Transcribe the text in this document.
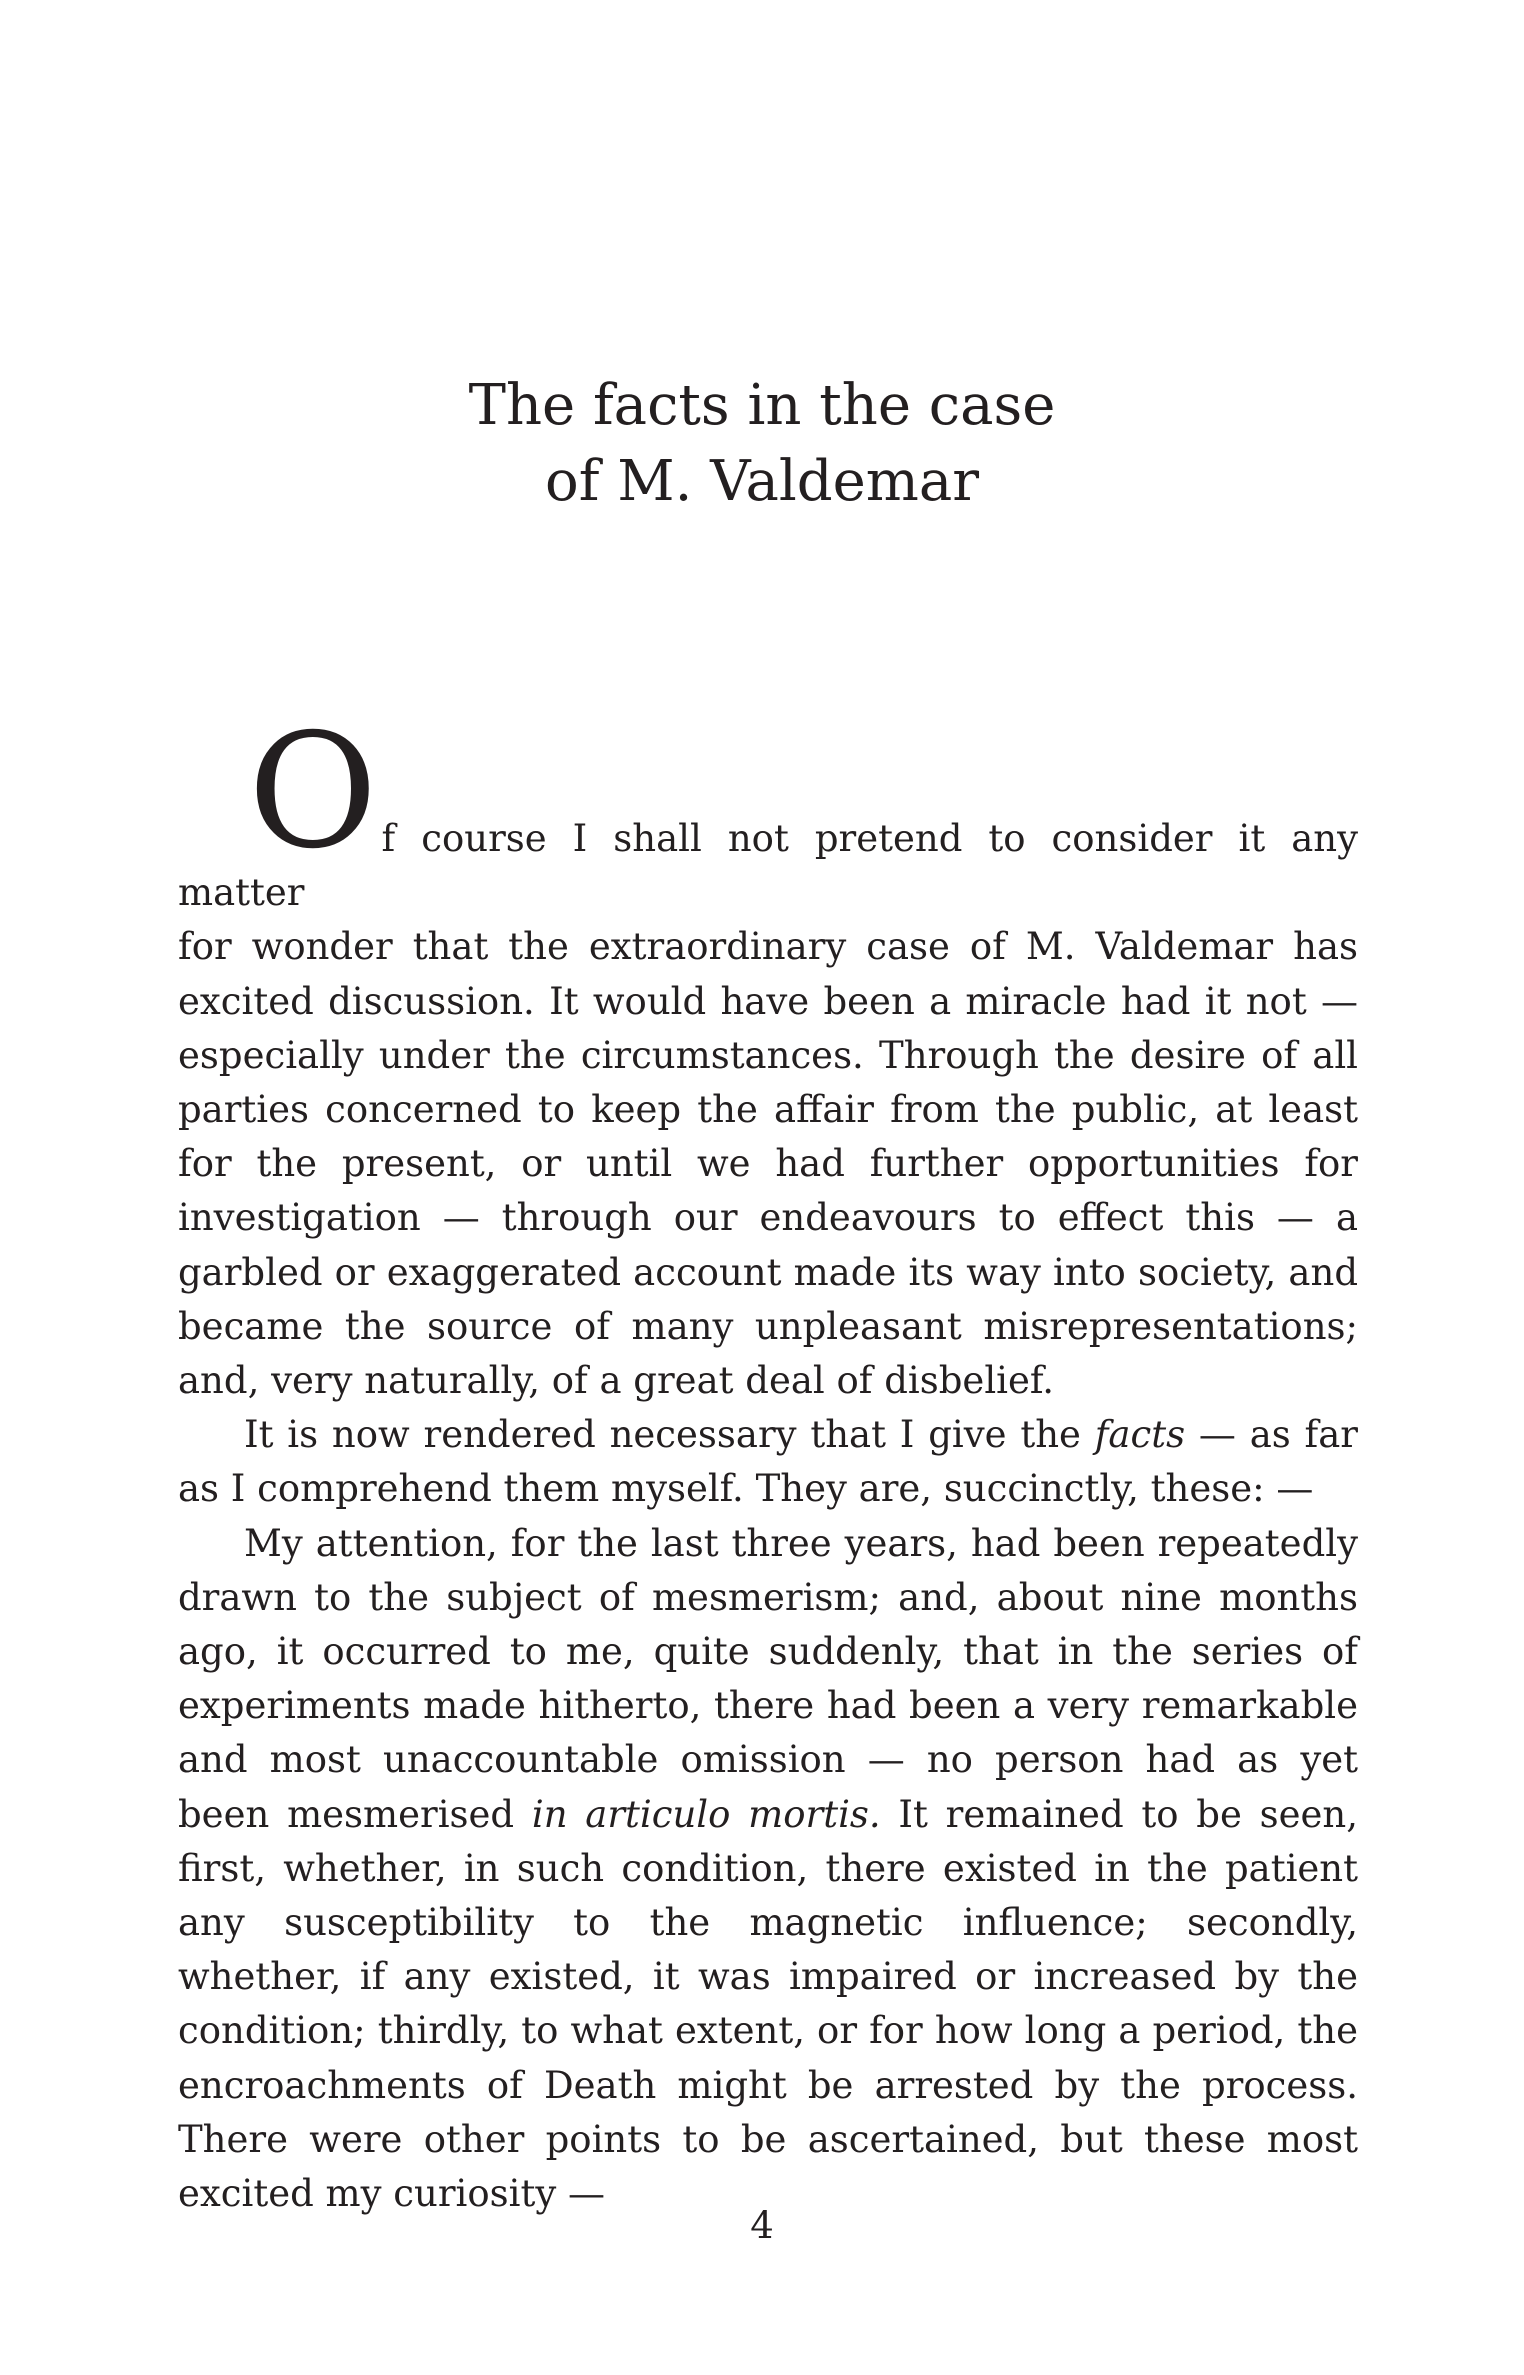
The facts in the case
of M. Valdemar
O f course I shall not pretend to consider it any matter

for wonder that the extraordinary case of M. Valdemar has excited discussion. It would have been a miracle had it not — especially under the circumstances. Through the desire of all parties concerned to keep the affair from the public, at least for the present, or until we had further opportunities for investigation — through our endeavours to effect this — a garbled or exaggerated account made its way into society, and became the source of many unpleasant misrepresentations; and, very naturally, of a great deal of disbelief.

It is now rendered necessary that I give the facts — as far as I comprehend them myself. They are, succinctly, these: —

My attention, for the last three years, had been repeatedly drawn to the subject of mesmerism; and, about nine months ago, it occurred to me, quite suddenly, that in the series of experiments made hitherto, there had been a very remarkable and most unaccountable omission — no person had as yet been mesmerised in articulo mortis. It remained to be seen, first, whether, in such condition, there existed in the patient any susceptibility to the magnetic influence; secondly, whether, if any existed, it was impaired or increased by the condition; thirdly, to what extent, or for how long a period, the encroachments of Death might be arrested by the process. There were other points to be ascertained, but these most excited my curiosity —

4
